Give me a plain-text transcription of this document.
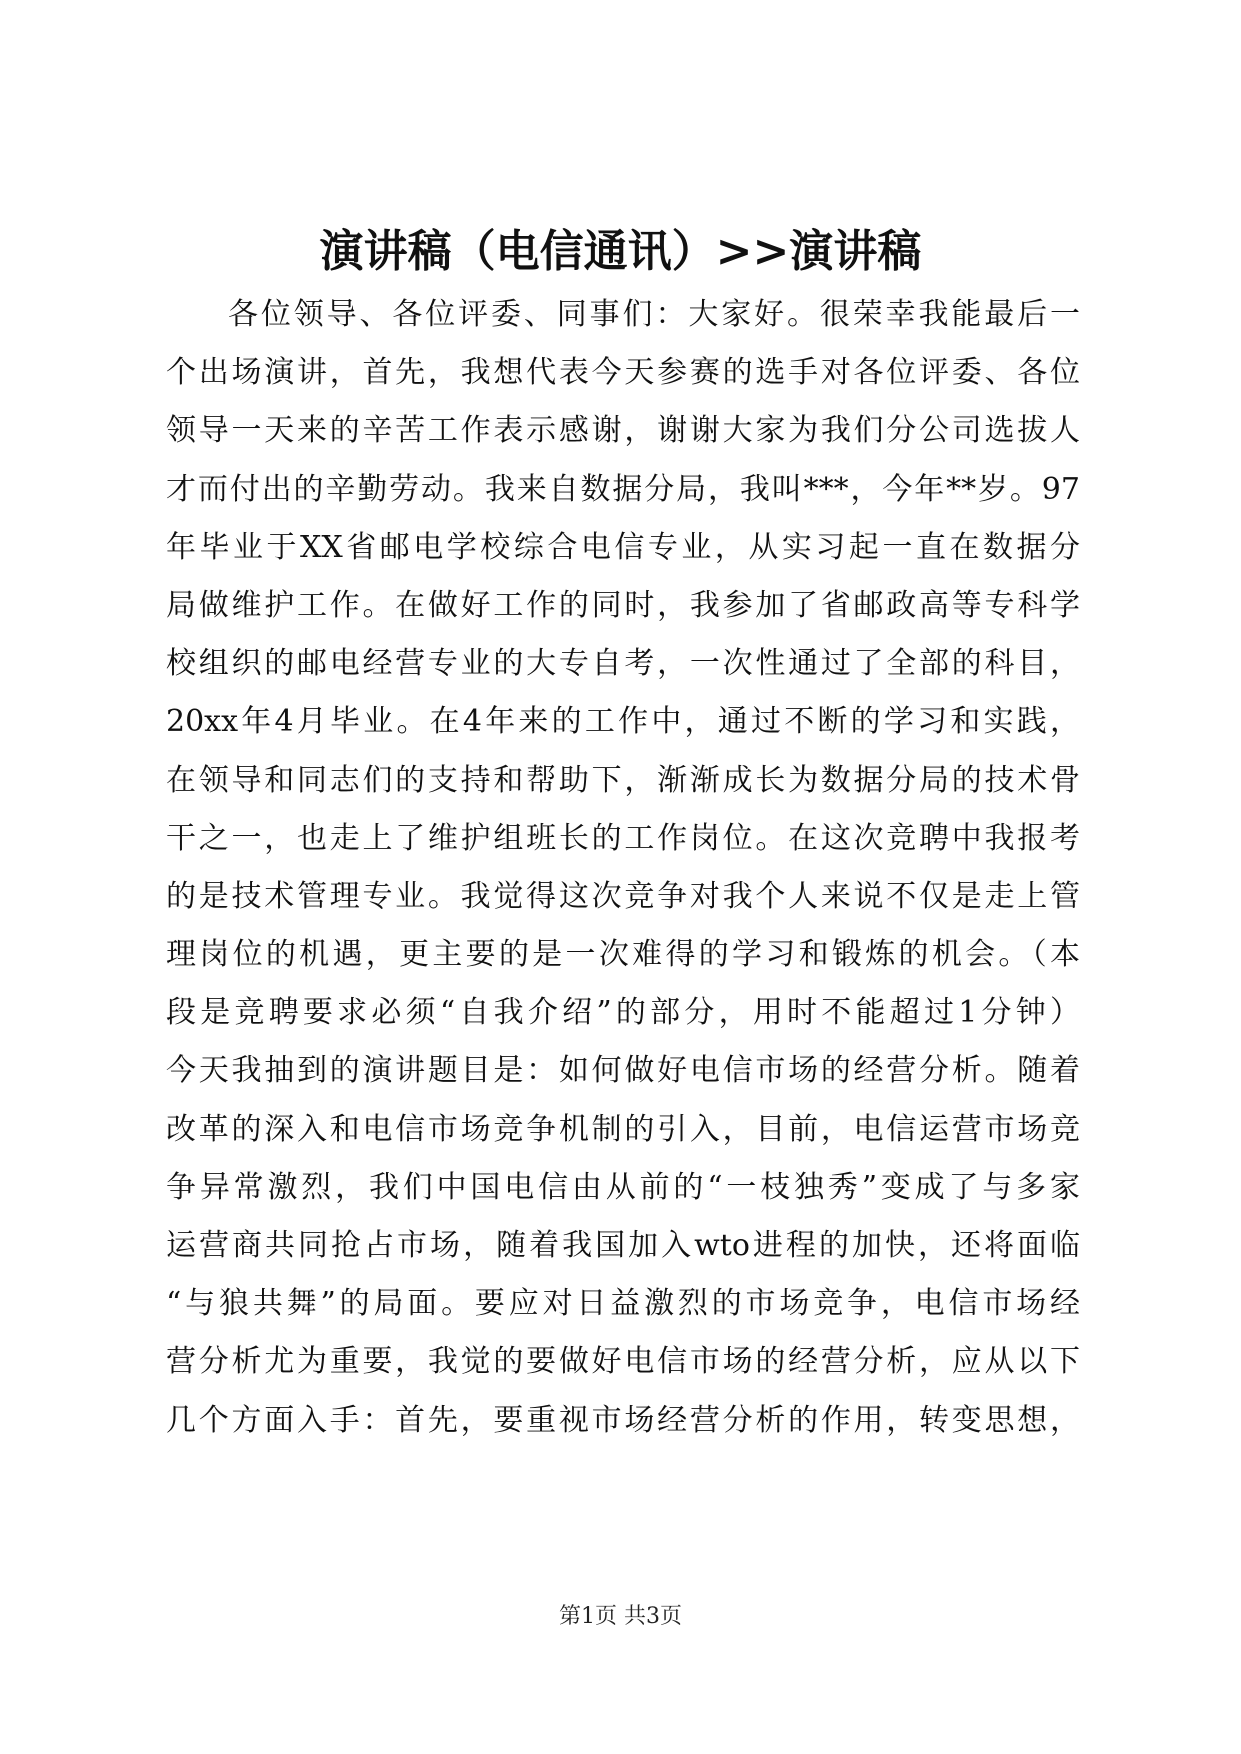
演讲稿（电信通讯）>>演讲稿
各位领导、各位评委、同事们：大家好。很荣幸我能最后一
个出场演讲，首先，我想代表今天参赛的选手对各位评委、各位
领导一天来的辛苦工作表示感谢，谢谢大家为我们分公司选拔人
才而付出的辛勤劳动。我来自数据分局，我叫***，今年**岁。97
年毕业于XX省邮电学校综合电信专业，从实习起一直在数据分
局做维护工作。在做好工作的同时，我参加了省邮政高等专科学
校组织的邮电经营专业的大专自考，一次性通过了全部的科目，
20xx年4月毕业。在4年来的工作中，通过不断的学习和实践，
在领导和同志们的支持和帮助下，渐渐成长为数据分局的技术骨
干之一，也走上了维护组班长的工作岗位。在这次竞聘中我报考
的是技术管理专业。我觉得这次竞争对我个人来说不仅是走上管
理岗位的机遇，更主要的是一次难得的学习和锻炼的机会。（本
段是竞聘要求必须“自我介绍”的部分，用时不能超过1分钟）
今天我抽到的演讲题目是：如何做好电信市场的经营分析。随着
改革的深入和电信市场竞争机制的引入，目前，电信运营市场竞
争异常激烈，我们中国电信由从前的“一枝独秀”变成了与多家
运营商共同抢占市场，随着我国加入wto进程的加快，还将面临
“与狼共舞”的局面。要应对日益激烈的市场竞争，电信市场经
营分析尤为重要，我觉的要做好电信市场的经营分析，应从以下
几个方面入手：首先，要重视市场经营分析的作用，转变思想，
第1页 共3页
